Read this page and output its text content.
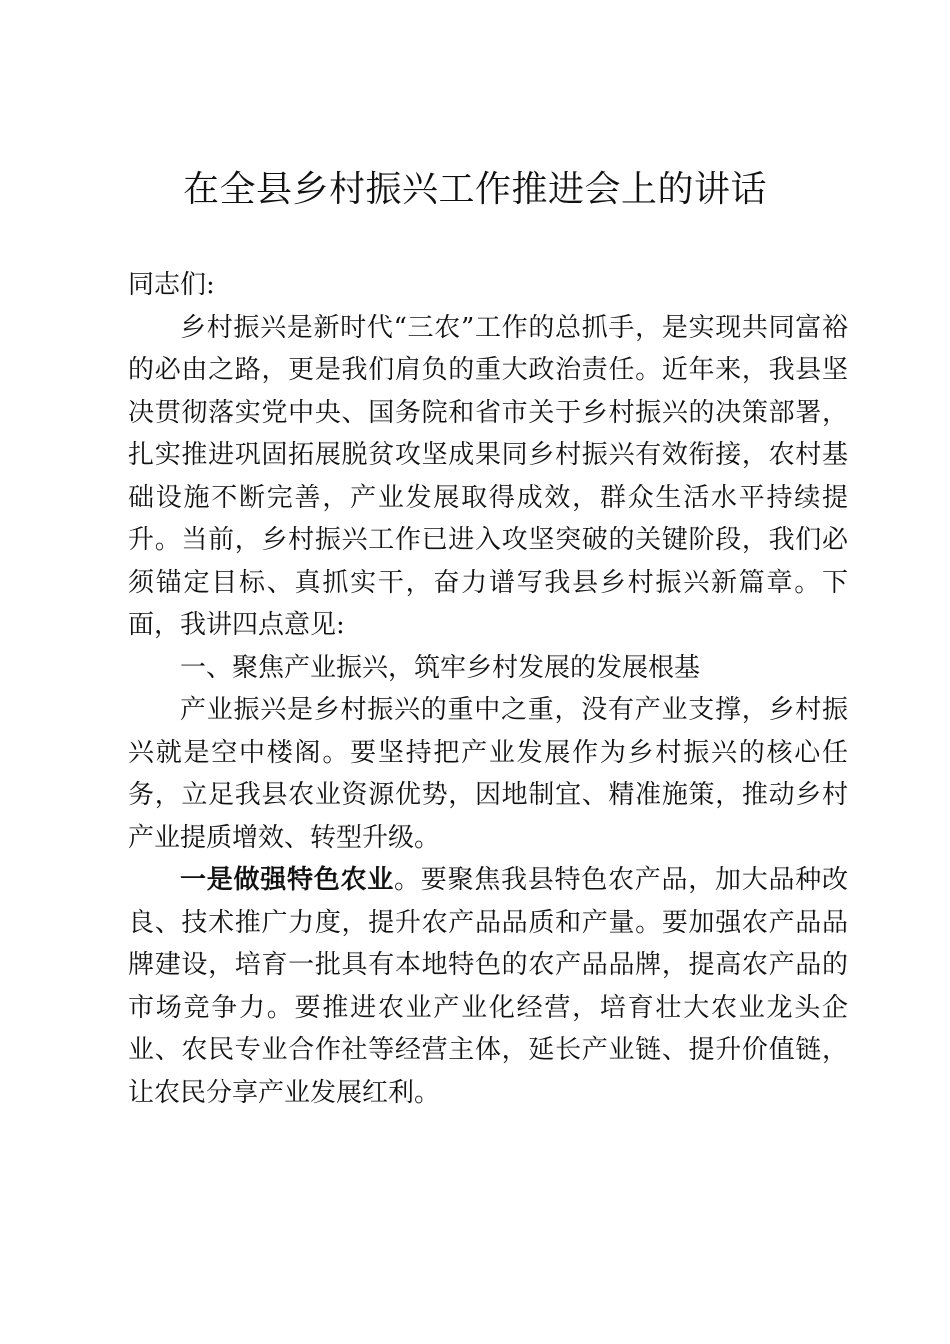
在全县乡村振兴工作推进会上的讲话

同志们:

乡村振兴是新时代“三农”工作的总抓手，是实现共同富裕的必由之路，更是我们肩负的重大政治责任。近年来，我县坚决贯彻落实党中央、国务院和省市关于乡村振兴的决策部署，扎实推进巩固拓展脱贫攻坚成果同乡村振兴有效衔接，农村基础设施不断完善，产业发展取得成效，群众生活水平持续提升。当前，乡村振兴工作已进入攻坚突破的关键阶段，我们必须锚定目标、真抓实干，奋力谱写我县乡村振兴新篇章。下面，我讲四点意见:

一、聚焦产业振兴，筑牢乡村发展的发展根基

产业振兴是乡村振兴的重中之重，没有产业支撑，乡村振兴就是空中楼阁。要坚持把产业发展作为乡村振兴的核心任务，立足我县农业资源优势，因地制宜、精准施策，推动乡村产业提质增效、转型升级。

一是做强特色农业。要聚焦我县特色农产品，加大品种改良、技术推广力度，提升农产品品质和产量。要加强农产品品牌建设，培育一批具有本地特色的农产品品牌，提高农产品的市场竞争力。要推进农业产业化经营，培育壮大农业龙头企业、农民专业合作社等经营主体，延长产业链、提升价值链，让农民分享产业发展红利。
